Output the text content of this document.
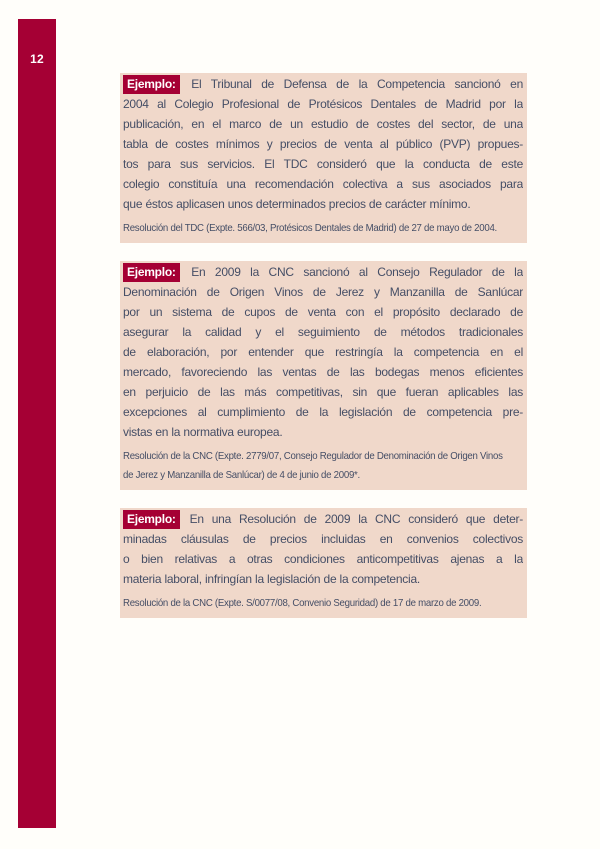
12
Ejemplo: El Tribunal de Defensa de la Competencia sancionó en
2004 al Colegio Profesional de Protésicos Dentales de Madrid por la
publicación, en el marco de un estudio de costes del sector, de una
tabla de costes mínimos y precios de venta al público (PVP) propues-
tos para sus servicios. El TDC consideró que la conducta de este
colegio constituía una recomendación colectiva a sus asociados para
que éstos aplicasen unos determinados precios de carácter mínimo.
Resolución del TDC (Expte. 566/03, Protésicos Dentales de Madrid) de 27 de mayo de 2004.
Ejemplo: En 2009 la CNC sancionó al Consejo Regulador de la
Denominación de Origen Vinos de Jerez y Manzanilla de Sanlúcar
por un sistema de cupos de venta con el propósito declarado de
asegurar la calidad y el seguimiento de métodos tradicionales
de elaboración, por entender que restringía la competencia en el
mercado, favoreciendo las ventas de las bodegas menos eficientes
en perjuicio de las más competitivas, sin que fueran aplicables las
excepciones al cumplimiento de la legislación de competencia pre-
vistas en la normativa europea.
Resolución de la CNC (Expte. 2779/07, Consejo Regulador de Denominación de Origen Vinos
de Jerez y Manzanilla de Sanlúcar) de 4 de junio de 2009*.
Ejemplo: En una Resolución de 2009 la CNC consideró que deter-
minadas cláusulas de precios incluidas en convenios colectivos
o bien relativas a otras condiciones anticompetitivas ajenas a la
materia laboral, infringían la legislación de la competencia.
Resolución de la CNC (Expte. S/0077/08, Convenio Seguridad) de 17 de marzo de 2009.
